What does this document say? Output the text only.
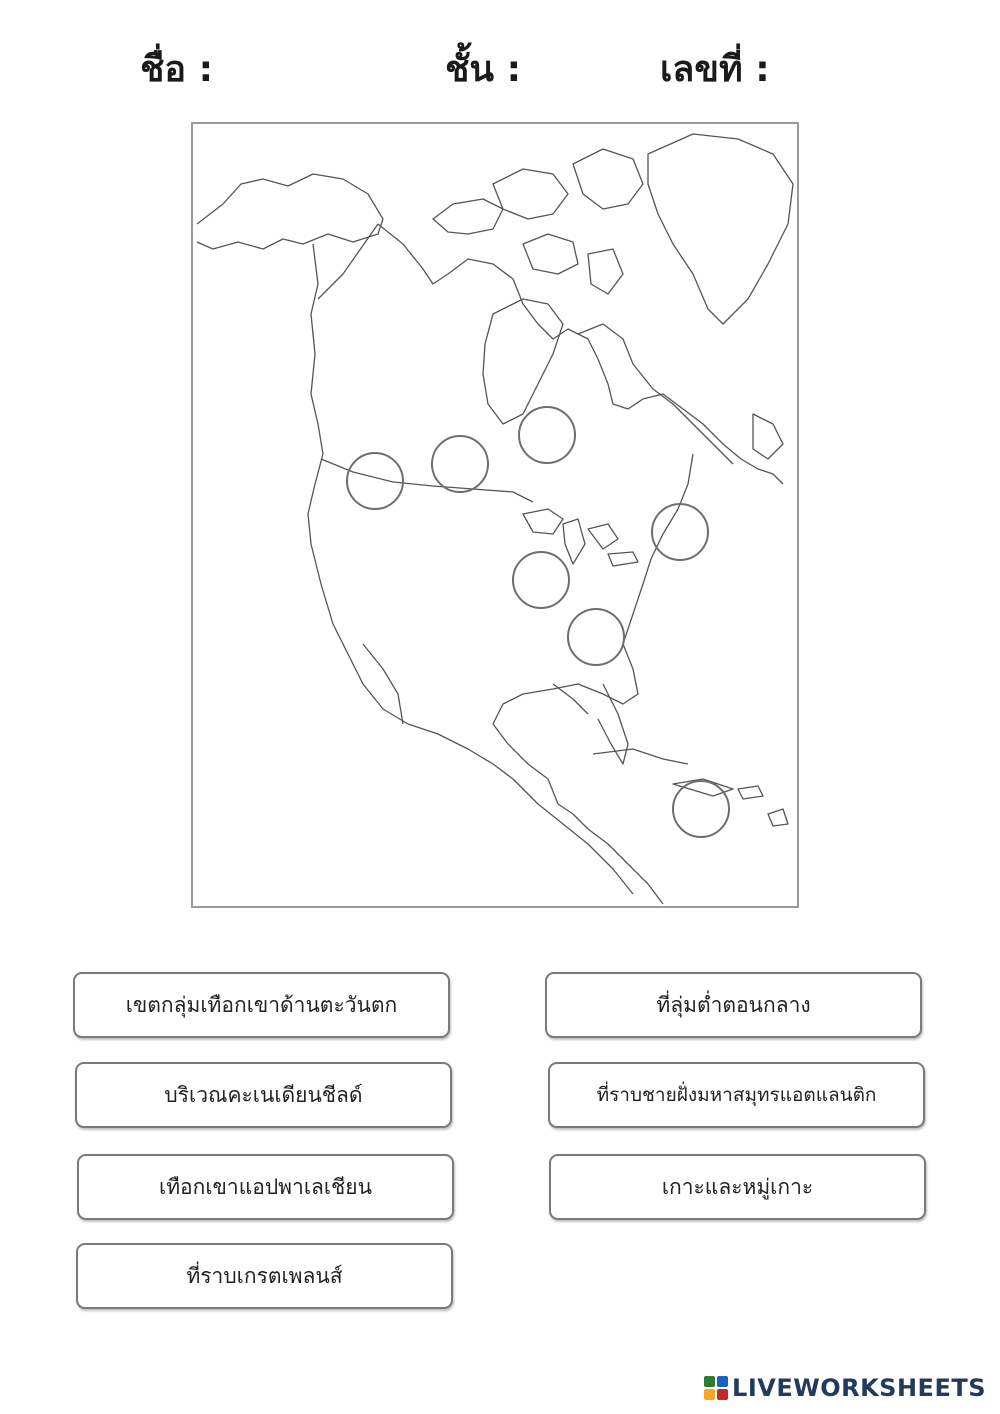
ชื่อ :	ชั้น :	เลขที่ :
เขตกลุ่มเทือกเขาด้านตะวันตก	ที่ลุ่มต่ำตอนกลาง
บริเวณคะเนเดียนชีลด์	ที่ราบชายฝั่งมหาสมุทรแอตแลนติก
เทือกเขาแอปพาเลเชียน	เกาะและหมู่เกาะ
ที่ราบเกรตเพลนส์
LIVEWORKSHEETS
